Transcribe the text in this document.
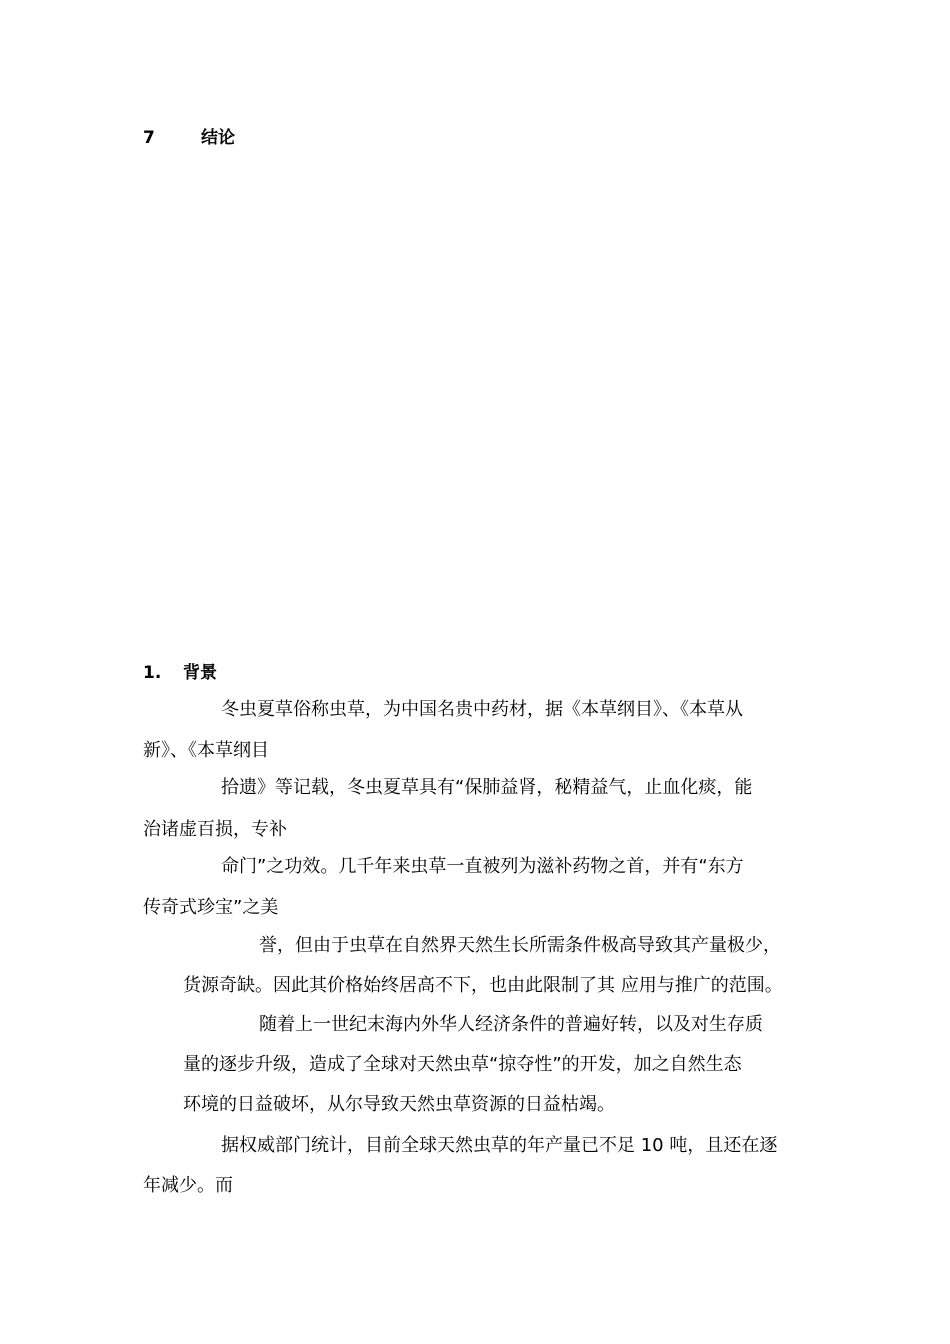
7	结论
1. 背景
冬虫夏草俗称虫草，为中国名贵中药材，据《本草纲目》、《本草从
新》、《本草纲目
拾遗》等记载，冬虫夏草具有“保肺益肾，秘精益气，止血化痰，能
治诸虚百损，专补
命门”之功效。几千年来虫草一直被列为滋补药物之首，并有“东方
传奇式珍宝”之美
誉，但由于虫草在自然界天然生长所需条件极高导致其产量极少，
货源奇缺。因此其价格始终居高不下，也由此限制了其 应用与推广的范围。
随着上一世纪末海内外华人经济条件的普遍好转，以及对生存质
量的逐步升级，造成了全球对天然虫草“掠夺性”的开发，加之自然生态
环境的日益破坏，从尔导致天然虫草资源的日益枯竭。
据权威部门统计，目前全球天然虫草的年产量已不足 10 吨，且还在逐
年减少。而
